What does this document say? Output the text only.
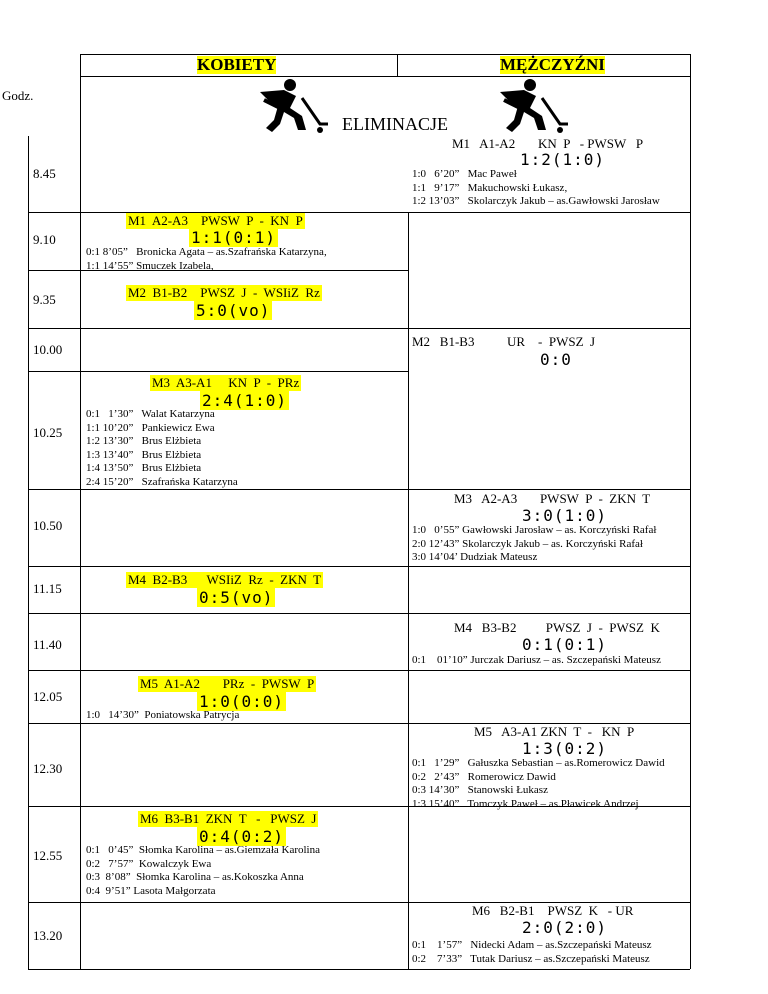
KOBIETY	MĘŻCZYŹNI
Godz.
ELIMINACJE
8.45
9.10
9.35
10.00
10.25
10.50
11.15
11.40
12.05
12.30
12.55
13.20
M1  A2-A3    PWSW  P  -  KN  P
1:1(0:1)
0:1 8’05”   Bronicka Agata – as.Szafrańska Katarzyna,
1:1 14’55” Smuczek Izabela,
M2  B1-B2    PWSZ  J  -  WSIiZ  Rz
5:0(vo)
M3  A3-A1     KN  P  -  PRz
2:4(1:0)
0:1   1’30”   Walat Katarzyna
1:1 10’20”   Pankiewicz Ewa
1:2 13’30”   Brus Elżbieta
1:3 13’40”   Brus Elżbieta
1:4 13’50”   Brus Elżbieta
2:4 15’20”   Szafrańska Katarzyna
M4  B2-B3      WSIiZ  Rz  -  ZKN  T
0:5(vo)
M5  A1-A2       PRz  -  PWSW  P
1:0(0:0)
1:0   14’30”  Poniatowska Patrycja
M6  B3-B1  ZKN  T   -   PWSZ  J
0:4(0:2)
0:1   0’45”  Słomka Karolina – as.Giemzała Karolina
0:2   7’57”  Kowalczyk Ewa
0:3  8’08”  Słomka Karolina – as.Kokoszka Anna
0:4  9’51” Lasota Małgorzata
M1   A1-A2       KN  P   - PWSW   P
1:2(1:0)
1:0   6’20”   Mac Paweł
1:1   9’17”   Makuchowski Łukasz,
1:2 13’03”   Skolarczyk Jakub – as.Gawłowski Jarosław
M2   B1-B3          UR    -  PWSZ  J
0:0
M3   A2-A3       PWSW  P  -  ZKN  T
3:0(1:0)
1:0   0’55” Gawłowski Jarosław – as. Korczyński Rafał
2:0 12’43” Skolarczyk Jakub – as. Korczyński Rafał
3:0 14’04’ Dudziak Mateusz
M4   B3-B2         PWSZ  J  -  PWSZ  K
0:1(0:1)
0:1    01’10” Jurczak Dariusz – as. Szczepański Mateusz
M5   A3-A1 ZKN  T  -   KN  P
1:3(0:2)
0:1   1’29”   Gałuszka Sebastian – as.Romerowicz Dawid
0:2   2’43”   Romerowicz Dawid
0:3 14’30”   Stanowski Łukasz
1:3 15’40”   Tomczyk Paweł – as.Pławicek Andrzej
M6   B2-B1    PWSZ  K   - UR
2:0(2:0)
0:1    1’57”   Nidecki Adam – as.Szczepański Mateusz
0:2    7’33”   Tutak Dariusz – as.Szczepański Mateusz
